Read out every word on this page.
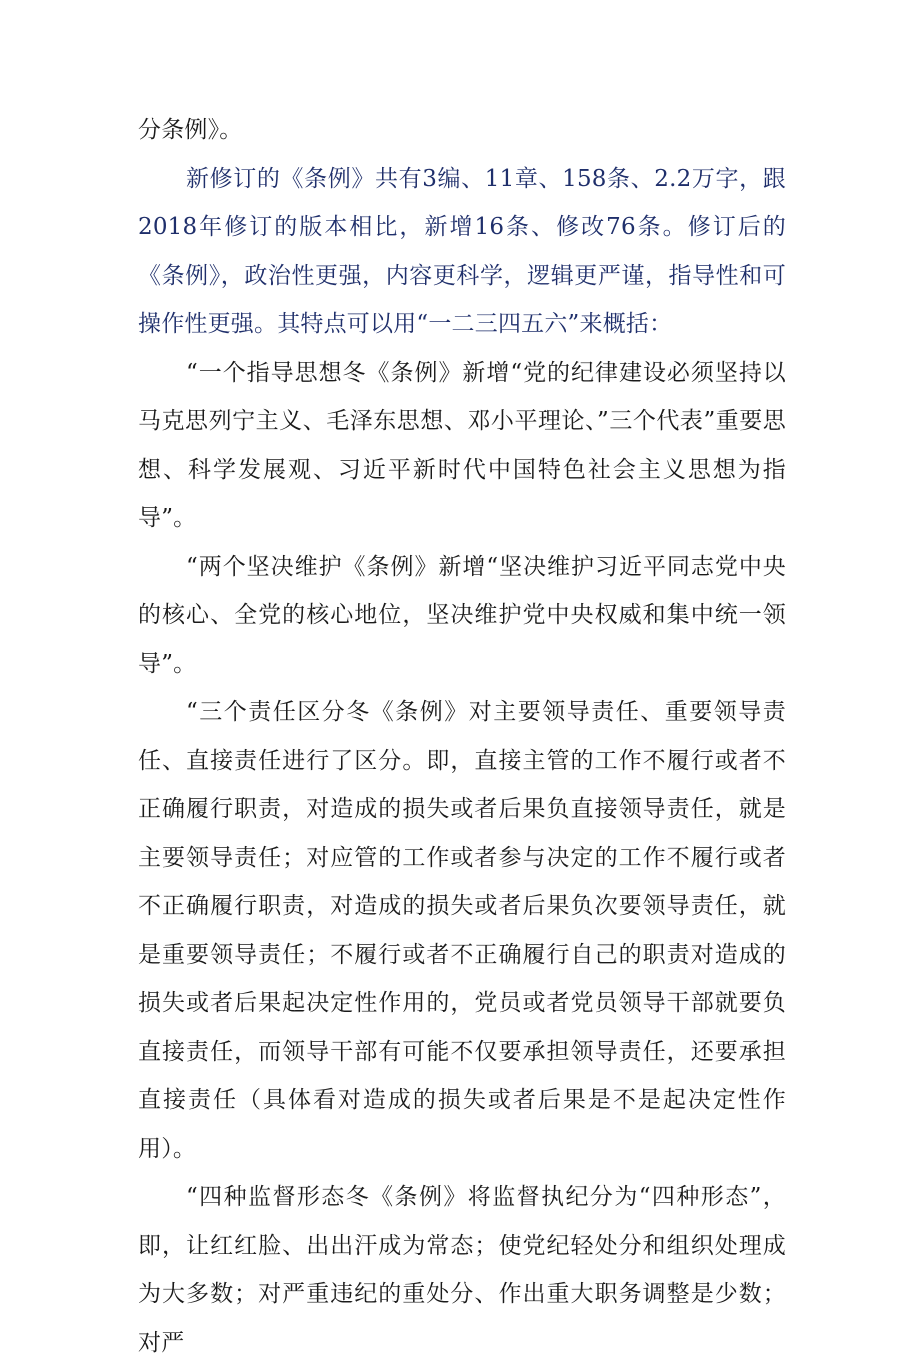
分条例》。

新修订的《条例》共有3编、11章、158条、2.2万字，跟2018年修订的版本相比，新增16条、修改76条。修订后的《条例》，政治性更强，内容更科学，逻辑更严谨，指导性和可操作性更强。其特点可以用“一二三四五六”来概括：

“一个指导思想冬《条例》新增“党的纪律建设必须坚持以马克思列宁主义、毛泽东思想、邓小平理论、”三个代表”重要思想、科学发展观、习近平新时代中国特色社会主义思想为指导”。

“两个坚决维护《条例》新增“坚决维护习近平同志党中央的核心、全党的核心地位，坚决维护党中央权威和集中统一领导”。

“三个责任区分冬《条例》对主要领导责任、重要领导责任、直接责任进行了区分。即，直接主管的工作不履行或者不正确履行职责，对造成的损失或者后果负直接领导责任，就是主要领导责任；对应管的工作或者参与决定的工作不履行或者不正确履行职责，对造成的损失或者后果负次要领导责任，就是重要领导责任；不履行或者不正确履行自己的职责对造成的损失或者后果起决定性作用的，党员或者党员领导干部就要负直接责任，而领导干部有可能不仅要承担领导责任，还要承担直接责任（具体看对造成的损失或者后果是不是起决定性作用）。

“四种监督形态冬《条例》将监督执纪分为“四种形态”，即，让红红脸、出出汗成为常态；使党纪轻处分和组织处理成为大多数；对严重违纪的重处分、作出重大职务调整是少数；对严
